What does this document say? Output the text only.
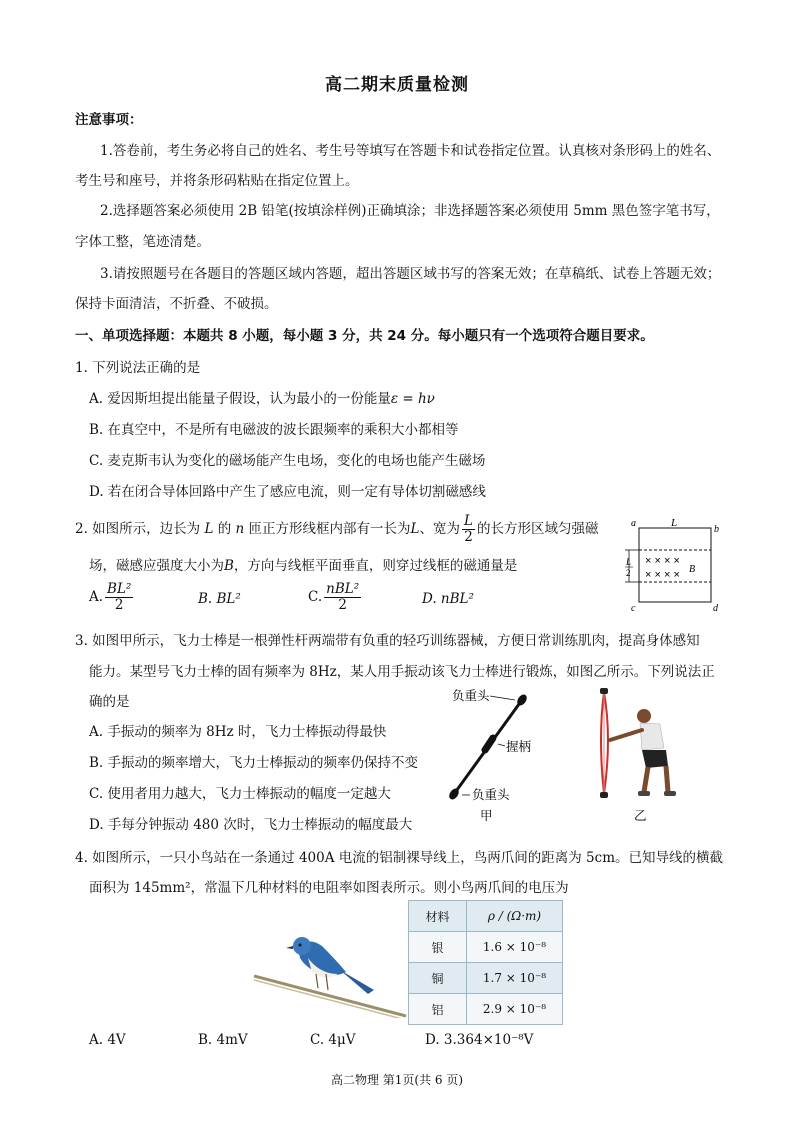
高二期末质量检测
注意事项：
1.答卷前，考生务必将自己的姓名、考生号等填写在答题卡和试卷指定位置。认真核对条形码上的姓名、
考生号和座号，并将条形码粘贴在指定位置上。
2.选择题答案必须使用 2B 铅笔(按填涂样例)正确填涂；非选择题答案必须使用 5mm 黑色签字笔书写，
字体工整，笔迹清楚。
3.请按照题号在各题目的答题区域内答题，超出答题区域书写的答案无效；在草稿纸、试卷上答题无效；
保持卡面清洁，不折叠、不破损。
一、单项选择题：本题共 8 小题，每小题 3 分，共 24 分。每小题只有一个选项符合题目要求。
1. 下列说法正确的是
A. 爱因斯坦提出能量子假设，认为最小的一份能量ε = hν
B. 在真空中，不是所有电磁波的波长跟频率的乘积大小都相等
C. 麦克斯韦认为变化的磁场能产生电场，变化的电场也能产生磁场
D. 若在闭合导体回路中产生了感应电流，则一定有导体切割磁感线
2. 如图所示，边长为 L 的 n 匝正方形线框内部有一长为L、宽为 $\frac{L}{2}$ 的长方形区域匀强磁
场，磁感应强度大小为B，方向与线框平面垂直，则穿过线框的磁通量是
A. $\frac{\text{BL²}}{2}$	B. BL²	C. $\frac{\text{nBL²}}{2}$	D. nBL²
a
b
c	d
L
L
2
× × × ×
× × × × B
3. 如图甲所示，飞力士棒是一根弹性杆两端带有负重的轻巧训练器械，方便日常训练肌肉，提高身体感知
能力。某型号飞力士棒的固有频率为 8Hz，某人用手振动该飞力士棒进行锻炼，如图乙所示。下列说法正
确的是
A. 手振动的频率为 8Hz 时，飞力士棒振动得最快
B. 手振动的频率增大，飞力士棒振动的频率仍保持不变
C. 使用者用力越大，飞力士棒振动的幅度一定越大
D. 手每分钟振动 480 次时，飞力士棒振动的幅度最大
负重头
握柄
负重头
甲	乙
4. 如图所示，一只小鸟站在一条通过 400A 电流的铝制裸导线上，鸟两爪间的距离为 5cm。已知导线的横截
面积为 145mm²，常温下几种材料的电阻率如图表所示。则小鸟两爪间的电压为
材料	ρ / (Ω·m)
银	1.6 × 10⁻⁸
铜	1.7 × 10⁻⁸
铝	2.9 × 10⁻⁸
A. 4V	B. 4mV	C. 4μV	D. 3.364×10⁻⁸V
高二物理 第1页(共 6 页)
